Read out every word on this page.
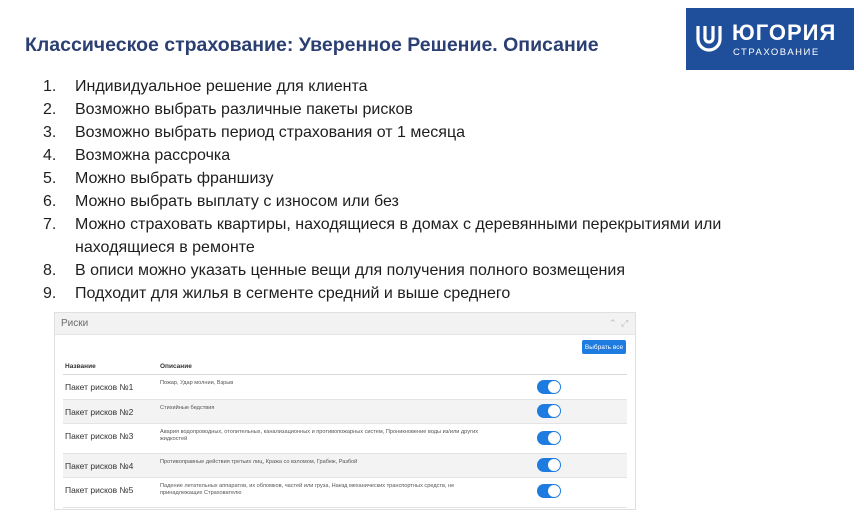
Классическое страхование: Уверенное Решение. Описание	ЮГОРИЯ
СТРАХОВАНИЕ
1. Индивидуальное решение для клиента
2. Возможно выбрать различные пакеты рисков
3. Возможно выбрать период страхования от 1 месяца
4. Возможна рассрочка
5. Можно выбрать франшизу
6. Можно выбрать выплату с износом или без
7. Можно страховать квартиры, находящиеся в домах с деревянными перекрытиями или находящиеся в ремонте
8. В описи можно указать ценные вещи для получения полного возмещения
9. Подходит для жилья в сегменте средний и выше среднего
Риски	⌃ ⤢
Выбрать все
Название	Описание
Пакет рисков №1	Пожар, Удар молнии, Взрыв
Пакет рисков №2	Стихийные бедствия
Пакет рисков №3	Авария водопроводных, отопительных, канализационных и противопожарных систем, Проникновение воды из/или других жидкостей
Пакет рисков №4	Противоправные действия третьих лиц, Кража со взломом, Грабеж, Разбой
Пакет рисков №5	Падение летательных аппаратов, их обломков, частей или груза, Наезд механических транспортных средств, не принадлежащих Страхователю
